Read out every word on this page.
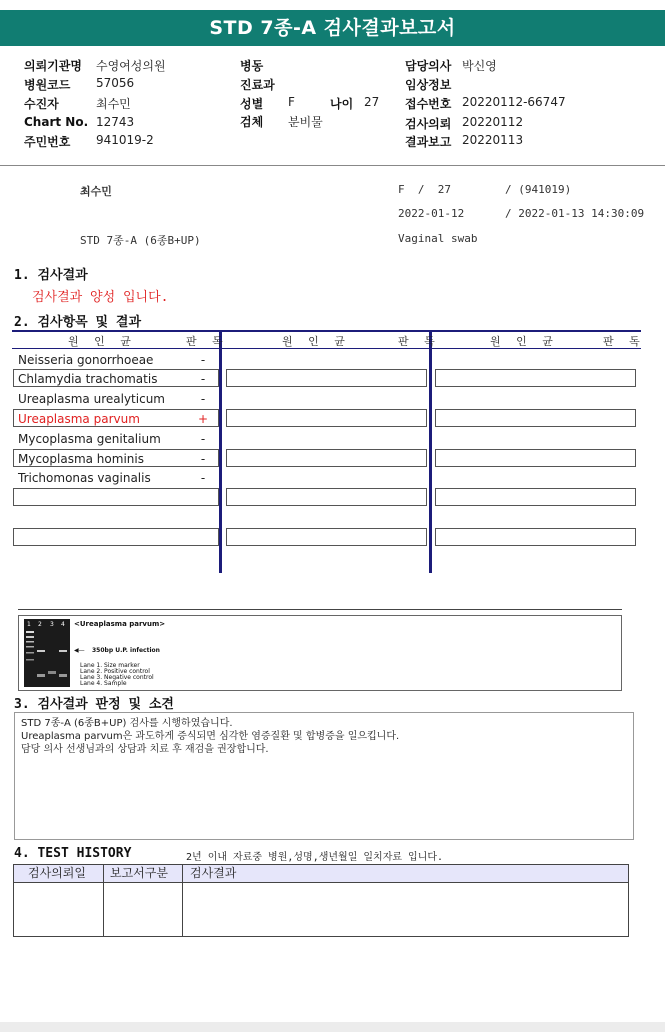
STD 7종-A 검사결과보고서
의뢰기관명 수영여성의원	병동	담당의사 박신영
병원코드 57056	진료과	임상정보
수진자	최수민	성별 F	나이 27 접수번호 20220112-66747
Chart No. 12743	검체 분비물	검사의뢰 20220112
주민번호 941019-2	결과보고 20220113
최수민	F  /  27	/ (941019)
2022-01-12	/ 2022-01-13 14:30:09
STD 7종-A (6종B+UP)	Vaginal swab
1. 검사결과
검사결과 양성 입니다.
2. 검사항목 및 결과
원 인 균	판 독	원 인 균	판 독	원 인 균	판 독
Neisseria gonorrhoeae	-
Chlamydia trachomatis	-
Ureaplasma urealyticum	-
Ureaplasma parvum	+
Mycoplasma genitalium	-
Mycoplasma hominis	-
Trichomonas vaginalis	-
1 2 3 4 <Ureaplasma parvum>
◀— 350bp U.P. infection
Lane 1. Size marker
Lane 2. Positive control
Lane 3. Negative control
Lane 4. Sample
3. 검사결과 판정 및 소견
STD 7종-A (6종B+UP) 검사를 시행하였습니다.
Ureaplasma parvum은 과도하게 증식되면 심각한 염증질환 및 합병증을 일으킵니다.
담당 의사 선생님과의 상담과 치료 후 재검을 권장합니다.
4. TEST HISTORY	2년 이내 자료중 병원,성명,생년월일 일치자료 입니다.
검사의뢰일 보고서구분 검사결과
